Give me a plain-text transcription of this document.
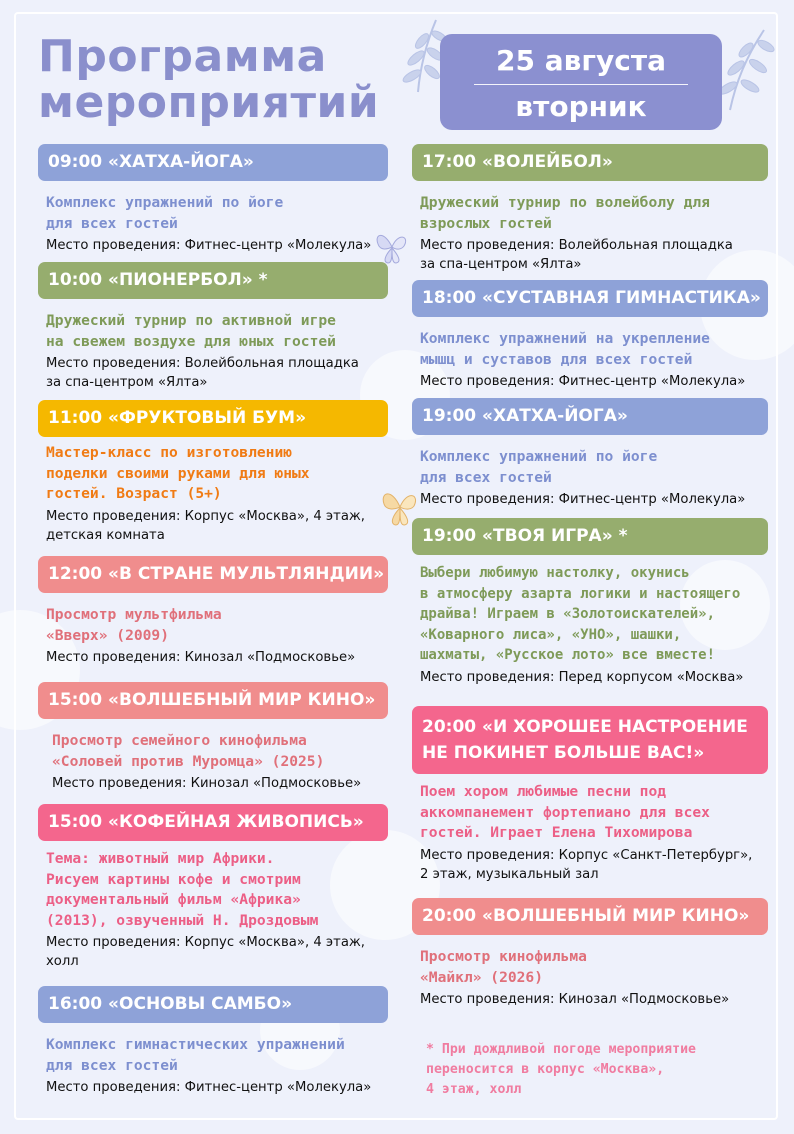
Программа
мероприятий
25 августа
вторник
09:00 «ХАТХА-ЙОГА»
Комплекс упражнений по йоге
для всех гостей
Место проведения: Фитнес-центр «Молекула»
10:00 «ПИОНЕРБОЛ» *
Дружеский турнир по активной игре
на свежем воздухе для юных гостей
Место проведения: Волейбольная площадка
за спа-центром «Ялта»
11:00 «ФРУКТОВЫЙ БУМ»
Мастер-класс по изготовлению
поделки своими руками для юных
гостей. Возраст (5+)
Место проведения: Корпус «Москва», 4 этаж,
детская комната
12:00 «В СТРАНЕ МУЛЬТЛЯНДИИ»
Просмотр мультфильма
«Вверх» (2009)
Место проведения: Кинозал «Подмосковье»
15:00 «ВОЛШЕБНЫЙ МИР КИНО»
Просмотр семейного кинофильма
«Соловей против Муромца» (2025)
Место проведения: Кинозал «Подмосковье»
15:00 «КОФЕЙНАЯ ЖИВОПИСЬ»
Тема: животный мир Африки.
Рисуем картины кофе и смотрим
документальный фильм «Африка»
(2013), озвученный Н. Дроздовым
Место проведения: Корпус «Москва», 4 этаж,
холл
16:00 «ОСНОВЫ САМБО»
Комплекс гимнастических упражнений
для всех гостей
Место проведения: Фитнес-центр «Молекула»
17:00 «ВОЛЕЙБОЛ»
Дружеский турнир по волейболу для
взрослых гостей
Место проведения: Волейбольная площадка
за спа-центром «Ялта»
18:00 «СУСТАВНАЯ ГИМНАСТИКА»
Комплекс упражнений на укрепление
мышц и суставов для всех гостей
Место проведения: Фитнес-центр «Молекула»
19:00 «ХАТХА-ЙОГА»
Комплекс упражнений по йоге
для всех гостей
Место проведения: Фитнес-центр «Молекула»
19:00 «ТВОЯ ИГРА» *
Выбери любимую настолку, окунись
в атмосферу азарта логики и настоящего
драйва! Играем в «Золотоискателей»,
«Коварного лиса», «УНО», шашки,
шахматы, «Русское лото» все вместе!
Место проведения: Перед корпусом «Москва»
20:00 «И ХОРОШЕЕ НАСТРОЕНИЕ
НЕ ПОКИНЕТ БОЛЬШЕ ВАС!»
Поем хором любимые песни под
аккомпанемент фортепиано для всех
гостей. Играет Елена Тихомирова
Место проведения: Корпус «Санкт-Петербург»,
2 этаж, музыкальный зал
20:00 «ВОЛШЕБНЫЙ МИР КИНО»
Просмотр кинофильма
«Майкл» (2026)
Место проведения: Кинозал «Подмосковье»
* При дождливой погоде мероприятие
переносится в корпус «Москва»,
4 этаж, холл
